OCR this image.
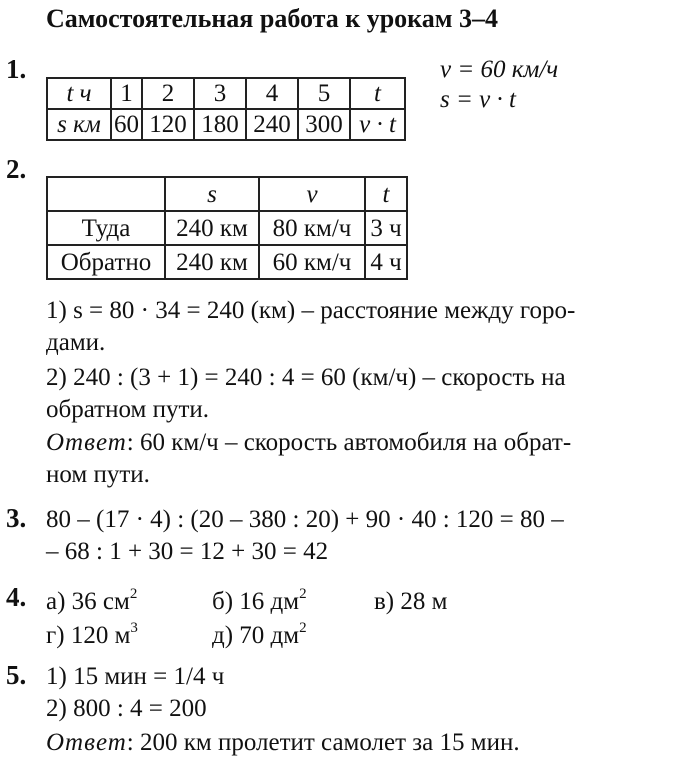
Самостоятельная работа к урокам 3–4
1.
t ч	1	2	3	4	5	t
s км	60	120	180	240	300	v · t
v = 60 км/ч
s = v · t
2.
	s	v	t
Туда	240 км	80 км/ч	3 ч
Обратно	240 км	60 км/ч	4 ч
1) s = 80 · 34 = 240 (км) – расстояние между горо-
дами.
2) 240 : (3 + 1) = 240 : 4 = 60 (км/ч) – скорость на
обратном пути.
Ответ: 60 км/ч – скорость автомобиля на обрат-
ном пути.
3. 80 – (17 · 4) : (20 – 380 : 20) + 90 · 40 : 120 = 80 –
– 68 : 1 + 30 = 12 + 30 = 42
4. а) 36 $см^2$	б) 16 $дм^2$	в) 28 м
г) 120 $м^3$	д) 70 $дм^2$
5. 1) 15 мин = 1/4 ч
2) 800 : 4 = 200
Ответ: 200 км пролетит самолет за 15 мин.
